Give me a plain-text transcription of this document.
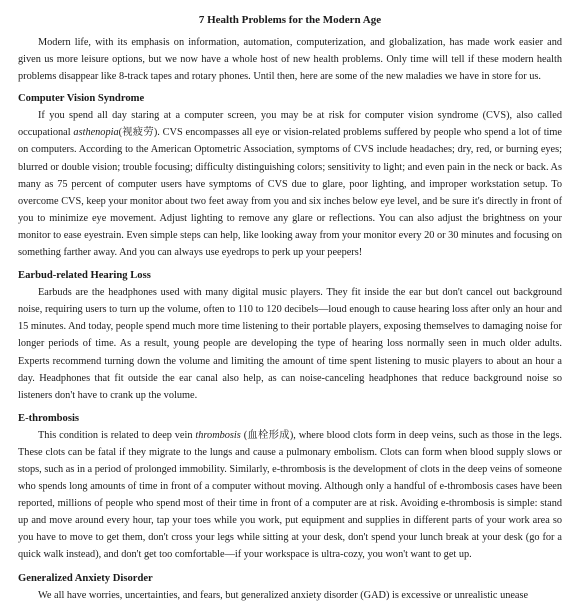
7 Health Problems for the Modern Age

Modern life, with its emphasis on information, automation, computerization, and globalization, has made work easier and given us more leisure options, but we now have a whole host of new health problems. Only time will tell if these modern health problems disappear like 8-track tapes and rotary phones. Until then, here are some of the new maladies we have in store for us.

Computer Vision Syndrome

If you spend all day staring at a computer screen, you may be at risk for computer vision syndrome (CVS), also called occupational asthenopia(视疲劳). CVS encompasses all eye or vision-related problems suffered by people who spend a lot of time on computers. According to the American Optometric Association, symptoms of CVS include headaches; dry, red, or burning eyes; blurred or double vision; trouble focusing; difficulty distinguishing colors; sensitivity to light; and even pain in the neck or back. As many as 75 percent of computer users have symptoms of CVS due to glare, poor lighting, and improper workstation setup. To overcome CVS, keep your monitor about two feet away from you and six inches below eye level, and be sure it's directly in front of you to minimize eye movement. Adjust lighting to remove any glare or reflections. You can also adjust the brightness on your monitor to ease eyestrain. Even simple steps can help, like looking away from your monitor every 20 or 30 minutes and focusing on something farther away. And you can always use eyedrops to perk up your peepers!

Earbud-related Hearing Loss

Earbuds are the headphones used with many digital music players. They fit inside the ear but don't cancel out background noise, requiring users to turn up the volume, often to 110 to 120 decibels—loud enough to cause hearing loss after only an hour and 15 minutes. And today, people spend much more time listening to their portable players, exposing themselves to damaging noise for longer periods of time. As a result, young people are developing the type of hearing loss normally seen in much older adults. Experts recommend turning down the volume and limiting the amount of time spent listening to music players to about an hour a day. Headphones that fit outside the ear canal also help, as can noise-canceling headphones that reduce background noise so listeners don't have to crank up the volume.

E-thrombosis

This condition is related to deep vein thrombosis (血栓形成), where blood clots form in deep veins, such as those in the legs. These clots can be fatal if they migrate to the lungs and cause a pulmonary embolism. Clots can form when blood supply slows or stops, such as in a period of prolonged immobility. Similarly, e-thrombosis is the development of clots in the deep veins of someone who spends long amounts of time in front of a computer without moving. Although only a handful of e-thrombosis cases have been reported, millions of people who spend most of their time in front of a computer are at risk. Avoiding e-thrombosis is simple: stand up and move around every hour, tap your toes while you work, put equipment and supplies in different parts of your work area so you have to move to get them, don't cross your legs while sitting at your desk, don't spend your lunch break at your desk (go for a quick walk instead), and don't get too comfortable—if your workspace is ultra-cozy, you won't want to get up.

Generalized Anxiety Disorder

We all have worries, uncertainties, and fears, but generalized anxiety disorder (GAD) is excessive or unrealistic unease
